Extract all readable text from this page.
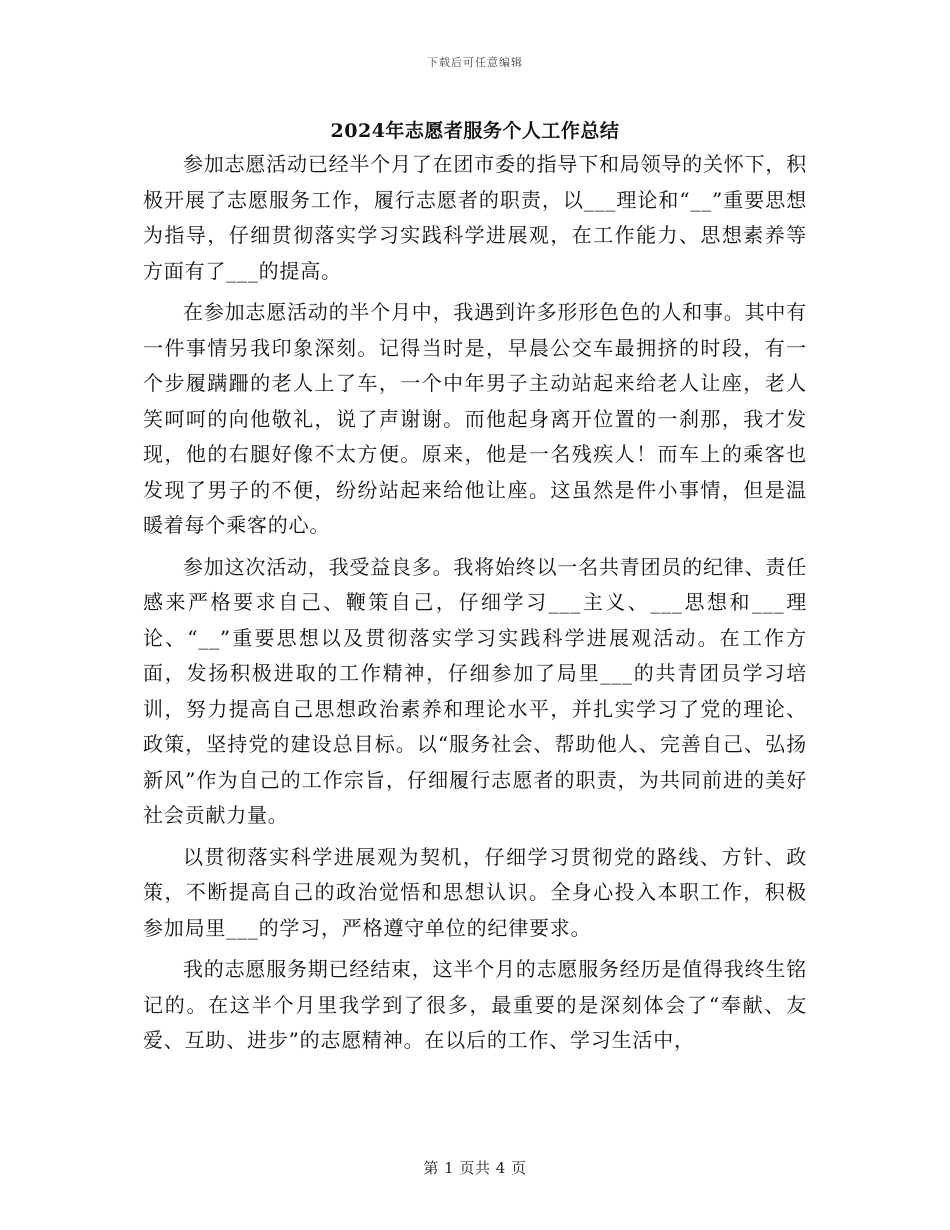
下载后可任意编辑
2024年志愿者服务个人工作总结

参加志愿活动已经半个月了在团市委的指导下和局领导的关怀下，积极开展了志愿服务工作，履行志愿者的职责，以___理论和“__”重要思想为指导，仔细贯彻落实学习实践科学进展观，在工作能力、思想素养等方面有了___的提高。

在参加志愿活动的半个月中，我遇到许多形形色色的人和事。其中有一件事情另我印象深刻。记得当时是，早晨公交车最拥挤的时段，有一个步履蹒跚的老人上了车，一个中年男子主动站起来给老人让座，老人笑呵呵的向他敬礼，说了声谢谢。而他起身离开位置的一刹那，我才发现，他的右腿好像不太方便。原来，他是一名残疾人！而车上的乘客也发现了男子的不便，纷纷站起来给他让座。这虽然是件小事情，但是温暖着每个乘客的心。

参加这次活动，我受益良多。我将始终以一名共青团员的纪律、责任感来严格要求自己、鞭策自己，仔细学习___主义、___思想和___理论、“__”重要思想以及贯彻落实学习实践科学进展观活动。在工作方面，发扬积极进取的工作精神，仔细参加了局里___的共青团员学习培训，努力提高自己思想政治素养和理论水平，并扎实学习了党的理论、政策，坚持党的建设总目标。以“服务社会、帮助他人、完善自己、弘扬新风”作为自己的工作宗旨，仔细履行志愿者的职责，为共同前进的美好社会贡献力量。

以贯彻落实科学进展观为契机，仔细学习贯彻党的路线、方针、政策，不断提高自己的政治觉悟和思想认识。全身心投入本职工作，积极参加局里___的学习，严格遵守单位的纪律要求。

我的志愿服务期已经结束，这半个月的志愿服务经历是值得我终生铭记的。在这半个月里我学到了很多，最重要的是深刻体会了“奉献、友爱、互助、进步”的志愿精神。在以后的工作、学习生活中，

第 1 页共 4 页
